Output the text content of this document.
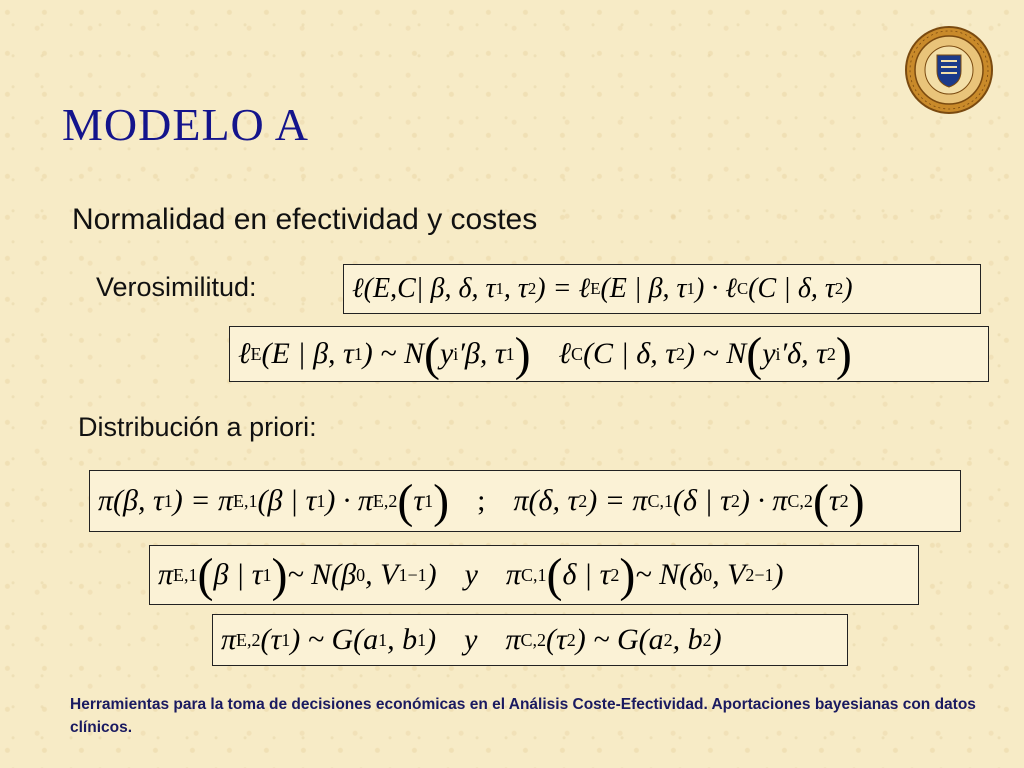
MODELO A
Normalidad en efectividad y costes
Verosimilitud:	ℓ( E , C | β, δ, τ 1 , τ 2 ) = ℓ E (E | β, τ 1 ) · ℓ C (C | δ, τ 2 )
ℓ E (E | β, τ 1 ) ~ N ( y i ′β, τ 1 ) ℓ C (C | δ, τ 2 ) ~ N ( y i ′δ, τ 2 )
Distribución a priori:
π(β, τ 1 ) = π E,1 (β | τ 1 ) · π E,2 ( τ 1 ) ; π(δ, τ 2 ) = π C,1 (δ | τ 2 ) · π C,2 ( τ 2 )
π E,1 ( β | τ 1 ) ~ N(β 0 , V 1 −1 ) y π C,1 ( δ | τ 2 ) ~ N(δ 0 , V 2 −1 )
π E,2 (τ 1 ) ~ G(a 1 , b 1 ) y π C,2 (τ 2 ) ~ G(a 2 , b 2 )
Herramientas para la toma de decisiones económicas en el Análisis Coste-Efectividad. Aportaciones bayesianas con datos clínicos.
